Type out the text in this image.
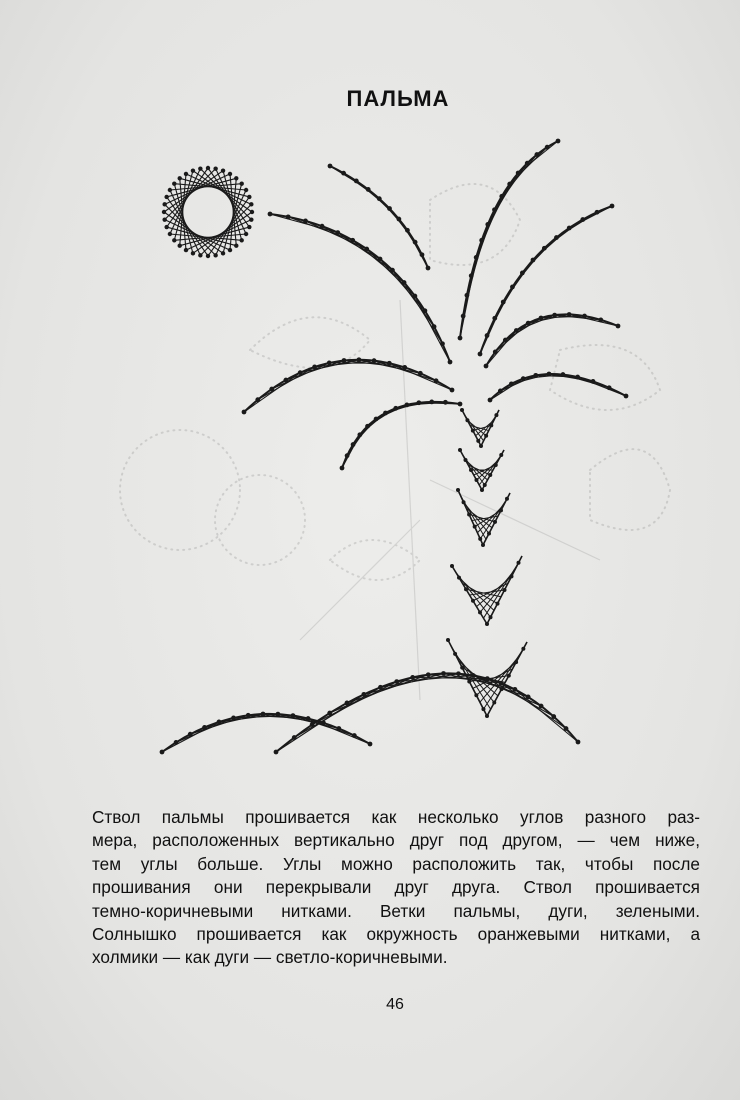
ПАЛЬМА
Ствол пальмы прошивается как несколько углов разного раз-
мера, расположенных вертикально друг под другом, — чем ниже,
тем углы больше. Углы можно расположить так, чтобы после
прошивания они перекрывали друг друга. Ствол прошивается
темно-коричневыми нитками. Ветки пальмы, дуги, зелеными.
Солнышко прошивается как окружность оранжевыми нитками, а
холмики — как дуги — светло-коричневыми.
46
